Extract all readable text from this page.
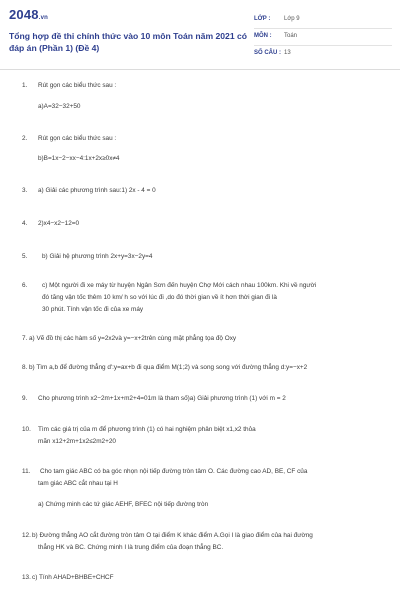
2048.vn
Tổng hợp đề thi chính thức vào 10 môn Toán năm 2021 có đáp án (Phần 1) (Đề 4)
LỚP : Lớp 9
MÔN : Toán
SỐ CÂU : 13
1. Rút gọn các biểu thức sau :
a)A=32−32+50
2. Rút gọn các biểu thức sau :
b)B=1x−2−xx−4:1x+2x≥0x≠4
3. a) Giải các phương trình sau:1) 2x - 4 = 0
4. 2)x4−x2−12=0
5. b) Giải hệ phương trình 2x+y=3x−2y=4
6. c) Một người đi xe máy từ huyện Ngân Sơn đến huyện Chợ Mới cách nhau 100km. Khi về người
đó tăng vận tốc thêm 10 km/ h so với lúc đi ,do đó thời gian về ít hơn thời gian đi là
30 phút. Tính vận tốc đi của xe máy
7. a) Vẽ đồ thị các hàm số y=2x2và y=−x+2trên cùng mặt phẳng tọa độ Oxy
8. b) Tìm a,b để đường thẳng d':y=ax+b đi qua điểm M(1;2) và song song với đường thẳng d:y=−x+2
9. Cho phương trình x2−2m+1x+m2+4=01m là tham số)a) Giải phương trình (1) với m = 2
10. Tìm các giá trị của m để phương trình (1) có hai nghiệm phân biệt x1,x2 thỏa
mãn x12+2m+1x2≤2m2+20
11. Cho tam giác ABC có ba góc nhọn nội tiếp đường tròn tâm O. Các đường cao AD, BE, CF của
tam giác ABC cắt nhau tại H
a) Chứng minh các tứ giác AEHF, BFEC nội tiếp đường tròn
12. b) Đường thẳng AO cắt đường tròn tâm O tại điểm K khác điểm A.Gọi I là giao điểm của hai đường
thẳng HK và BC. Chứng minh I là trung điểm của đoạn thẳng BC.
13. c) Tính AHAD+BHBE+CHCF
